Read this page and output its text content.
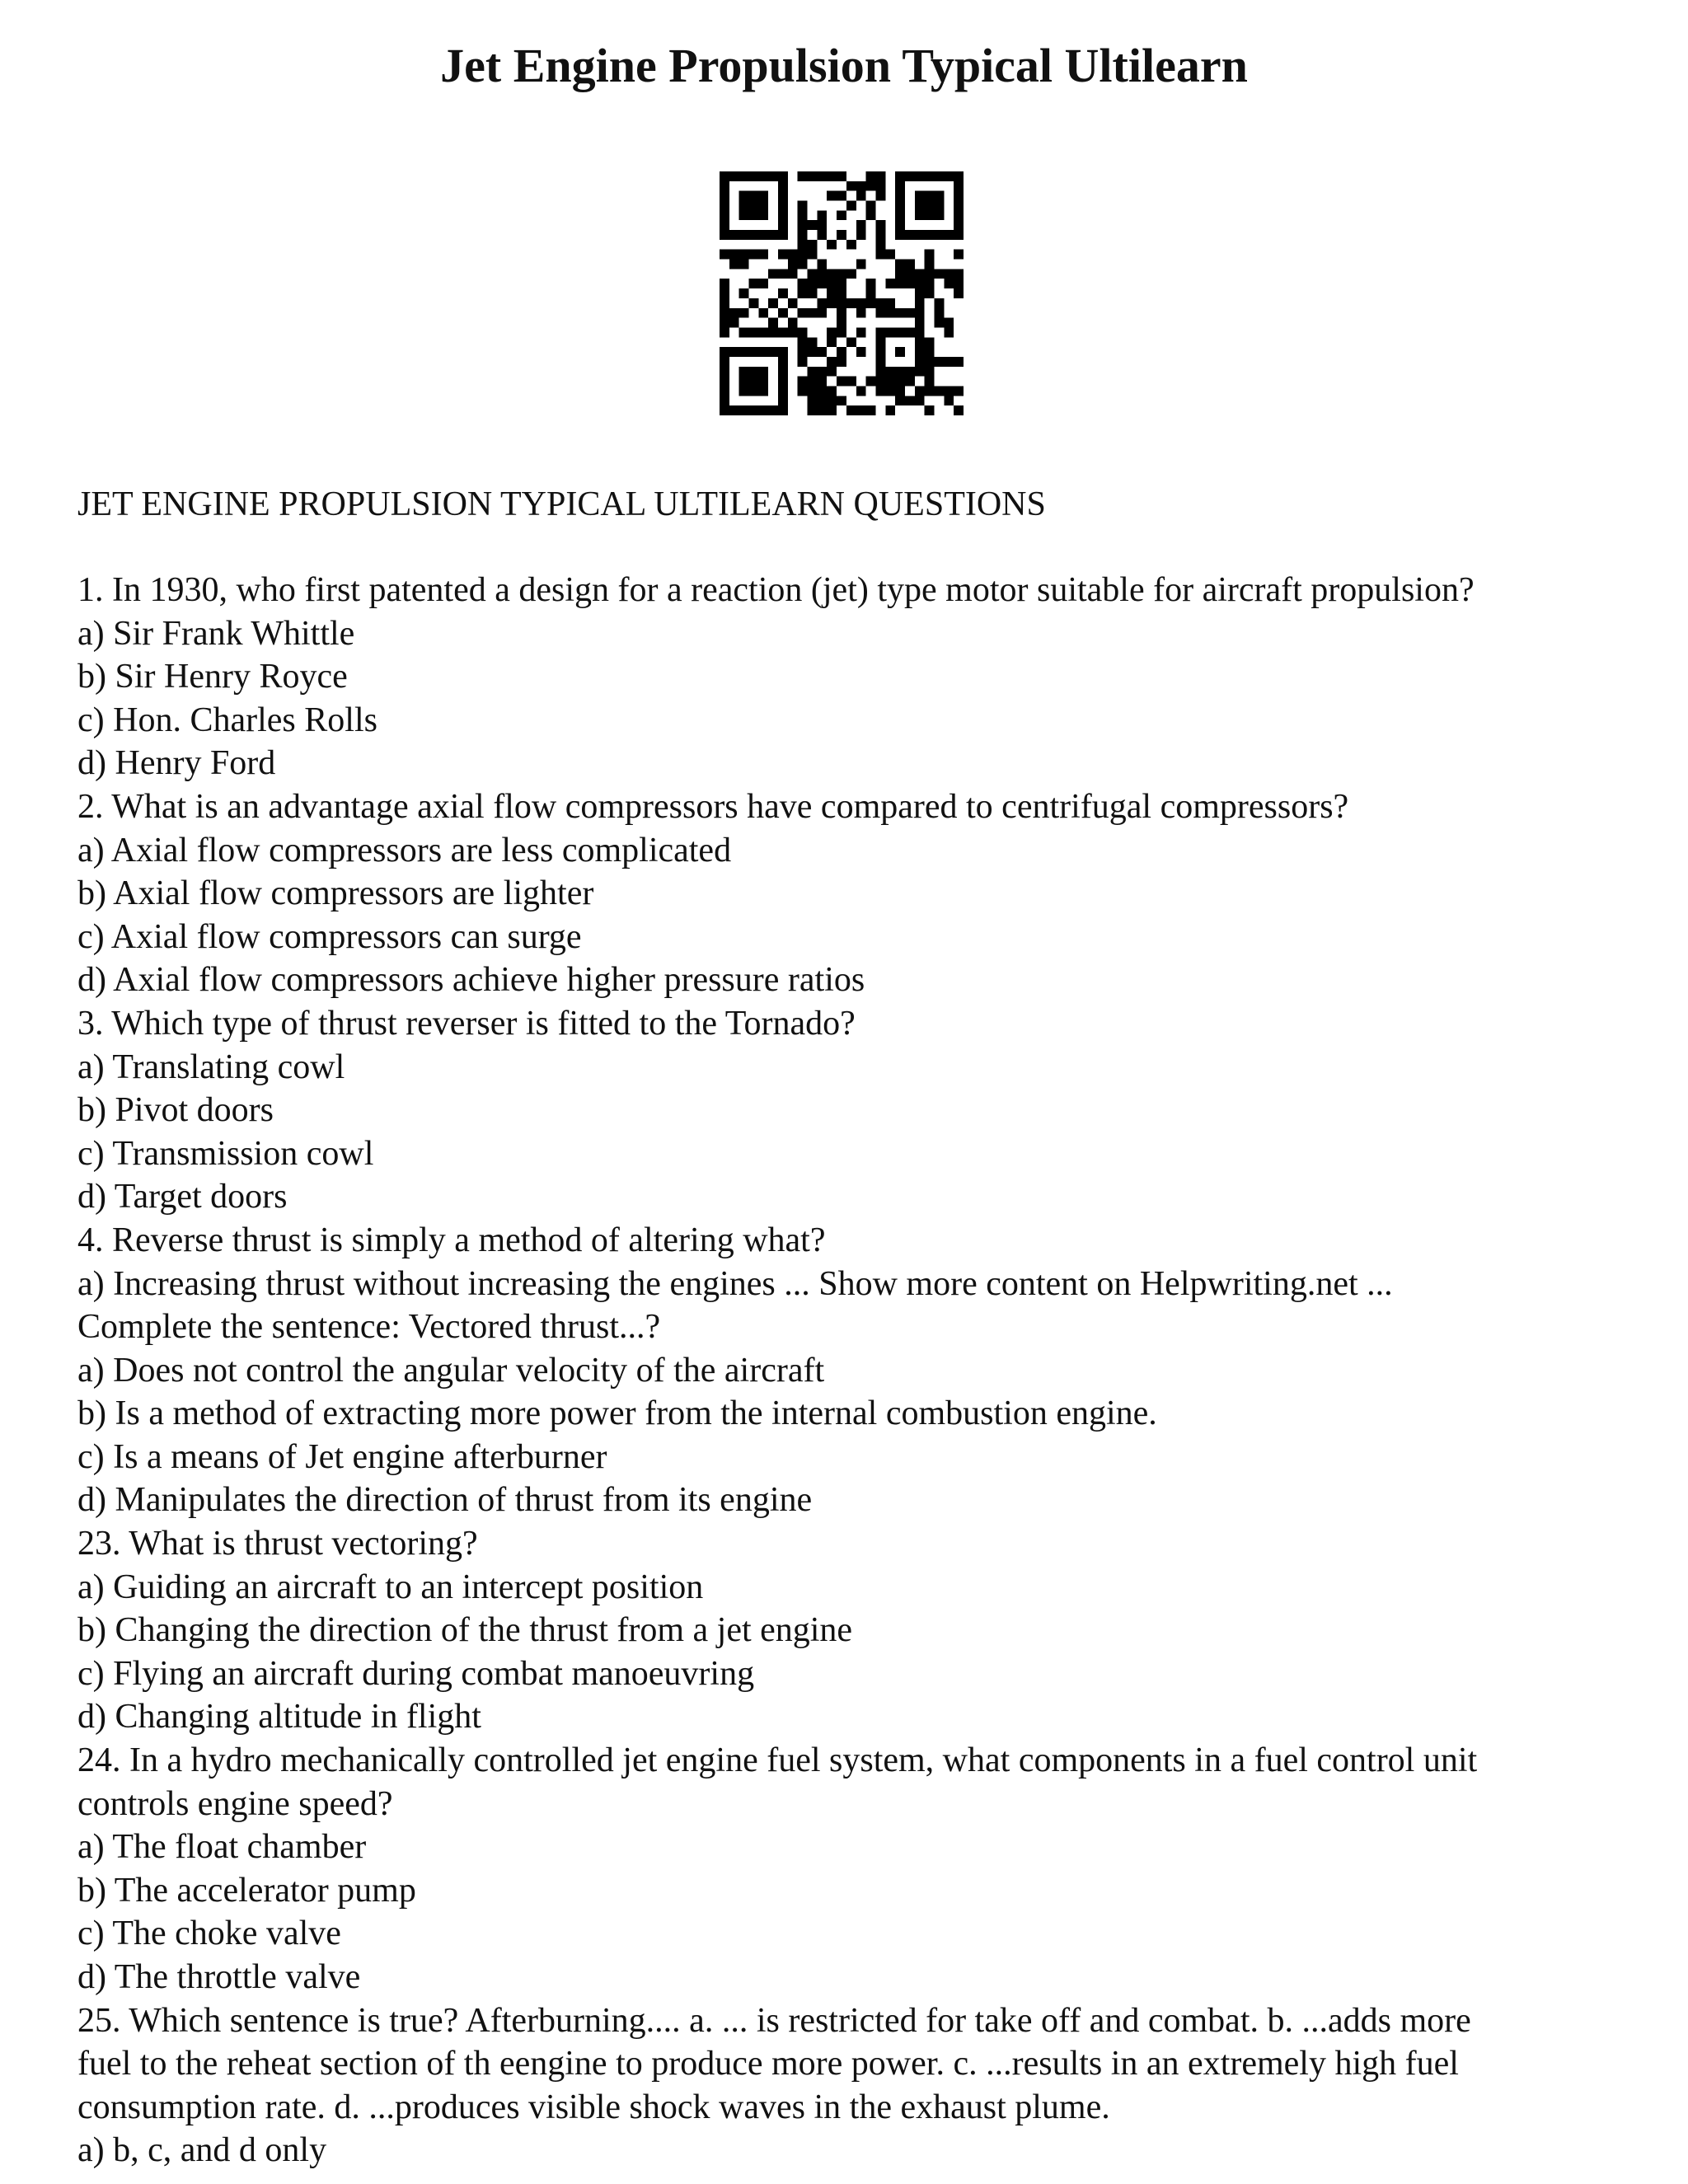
Jet Engine Propulsion Typical Ultilearn
JET ENGINE PROPULSION TYPICAL ULTILEARN QUESTIONS
1. In 1930, who first patented a design for a reaction (jet) type motor suitable for aircraft propulsion?
a) Sir Frank Whittle
b) Sir Henry Royce
c) Hon. Charles Rolls
d) Henry Ford
2. What is an advantage axial flow compressors have compared to centrifugal compressors?
a) Axial flow compressors are less complicated
b) Axial flow compressors are lighter
c) Axial flow compressors can surge
d) Axial flow compressors achieve higher pressure ratios
3. Which type of thrust reverser is fitted to the Tornado?
a) Translating cowl
b) Pivot doors
c) Transmission cowl
d) Target doors
4. Reverse thrust is simply a method of altering what?
a) Increasing thrust without increasing the engines ... Show more content on Helpwriting.net ...
Complete the sentence: Vectored thrust...?
a) Does not control the angular velocity of the aircraft
b) Is a method of extracting more power from the internal combustion engine.
c) Is a means of Jet engine afterburner
d) Manipulates the direction of thrust from its engine
23. What is thrust vectoring?
a) Guiding an aircraft to an intercept position
b) Changing the direction of the thrust from a jet engine
c) Flying an aircraft during combat manoeuvring
d) Changing altitude in flight
24. In a hydro mechanically controlled jet engine fuel system, what components in a fuel control unit
controls engine speed?
a) The float chamber
b) The accelerator pump
c) The choke valve
d) The throttle valve
25. Which sentence is true? Afterburning.... a. ... is restricted for take off and combat. b. ...adds more
fuel to the reheat section of th eengine to produce more power. c. ...results in an extremely high fuel
consumption rate. d. ...produces visible shock waves in the exhaust plume.
a) b, c, and d only
